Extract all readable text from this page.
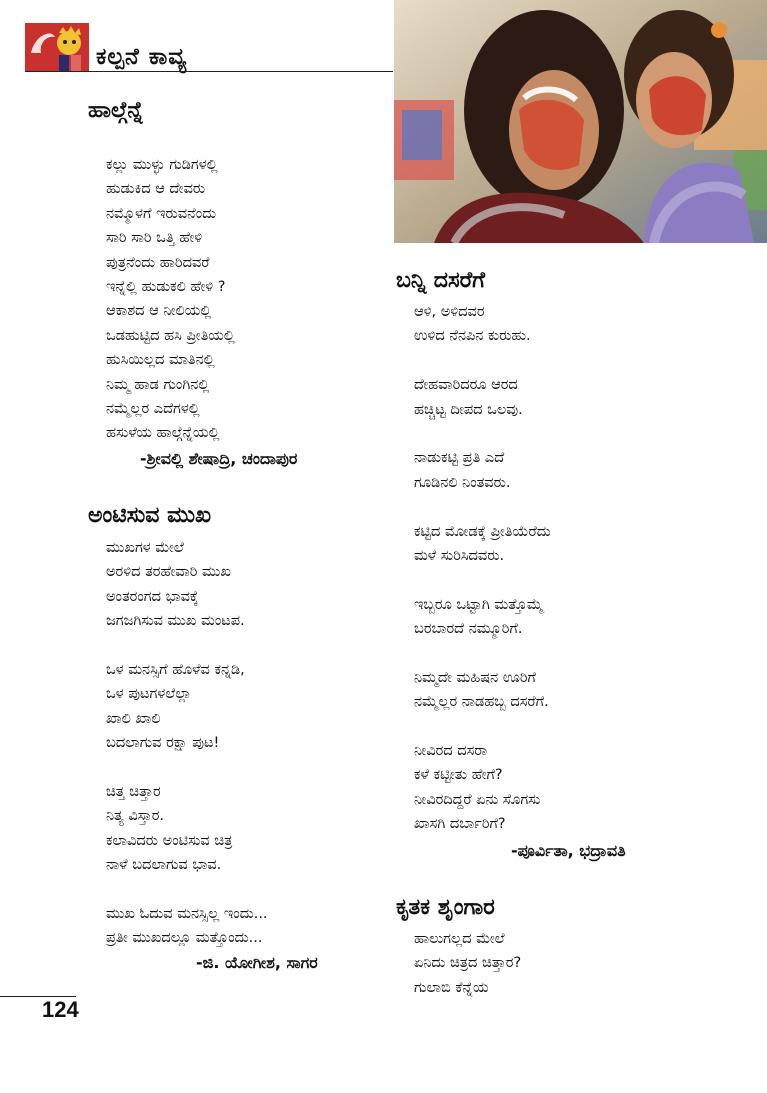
ಕಲ್ಪನೆ ಕಾವ್ಯ
ಹಾಲ್ಗೆನ್ನೆ
ಕಲ್ಲು ಮುಳ್ಳು ಗುಡಿಗಳಲ್ಲಿ
ಹುಡುಕಿದ ಆ ದೇವರು
ನಮ್ಮೊಳಗೆ ಇರುವನೆಂದು
ಸಾರಿ ಸಾರಿ ಒತ್ತಿ ಹೇಳಿ
ಪುತ್ರನೆಂದು ಹಾರಿದವರೆ
ಇನ್ನೆಲ್ಲಿ ಹುಡುಕಲಿ ಹೇಳಿ ?
ಆಕಾಶದ ಆ ನೀಲಿಯಲ್ಲಿ
ಒಡಹುಟ್ಟಿದ ಹಸಿ ಪ್ರೀತಿಯಲ್ಲಿ
ಹುಸಿಯಿಲ್ಲದ ಮಾತಿನಲ್ಲಿ
ನಿಮ್ಮ ಹಾಡ ಗುಂಗಿನಲ್ಲಿ
ನಮ್ಮೆಲ್ಲರ ಎದೆಗಳಲ್ಲಿ
ಹಸುಳೆಯ ಹಾಲ್ಗೆನ್ನೆಯಲ್ಲಿ
-ಶ್ರೀವಲ್ಲಿ ಶೇಷಾದ್ರಿ, ಚಂದಾಪುರ
ಅಂಟಿಸುವ ಮುಖ
ಮುಖಗಳ ಮೇಲೆ
ಅರಳಿದ ತರಹೇವಾರಿ ಮುಖ
ಅಂತರಂಗದ ಭಾವಕ್ಕೆ
ಜಗಜಗಿಸುವ ಮುಖ ಮಂಟಪ.
ಒಳ ಮನಸ್ಸಿಗೆ ಹೊಳೆವ ಕನ್ನಡಿ,
ಒಳ ಪುಟಗಳಲೆಲ್ಲಾ
ಖಾಲಿ ಖಾಲಿ
ಬದಲಾಗುವ ರಕ್ಷಾ ಪುಟ!
ಚಿತ್ತ ಚಿತ್ತಾರ
ನಿತ್ಯ ವಿಸ್ತಾರ.
ಕಲಾವಿದರು ಅಂಟಿಸುವ ಚಿತ್ರ
ನಾಳೆ ಬದಲಾಗುವ ಭಾವ.
ಮುಖ ಓದುವ ಮನಸ್ಸಿಲ್ಲ ಇಂದು...
ಪ್ರತೀ ಮುಖದಲ್ಲೂ ಮತ್ತೊಂದು...
-ಜಿ. ಯೋಗೀಶ, ಸಾಗರ
ಬನ್ನಿ ದಸರೆಗೆ
ಆಳಿ, ಅಳಿದವರ
ಉಳಿದ ನೆನಪಿನ ಕುರುಹು.
ದೇಹವಾರಿದರೂ ಆರದ
ಹಚ್ಚಿಟ್ಟ ದೀಪದ ಒಲವು.
ನಾಡುಕಟ್ಟಿ ಪ್ರತಿ ಎದೆ
ಗೂಡಿನಲಿ ನಿಂತವರು.
ಕಟ್ಟಿದ ಮೋಡಕ್ಕೆ ಪ್ರೀತಿಯೆರೆದು
ಮಳೆ ಸುರಿಸಿದವರು.
ಇಬ್ಬರೂ ಒಟ್ಟಾಗಿ ಮತ್ತೊಮ್ಮೆ
ಬರಬಾರದೆ ನಮ್ಮೂರಿಗೆ.
ನಿಮ್ಮದೇ ಮಹಿಷನ ಊರಿಗೆ
ನಮ್ಮೆಲ್ಲರ ನಾಡಹಬ್ಬ ದಸರೆಗೆ.
ನೀವಿರದ ದಸರಾ
ಕಳೆ ಕಟ್ಟೀತು ಹೇಗೆ?
ನೀವಿರದಿದ್ದರೆ ಏನು ಸೊಗಸು
ಖಾಸಗಿ ದರ್ಬಾರಿಗೆ?
-ಪೂರ್ವಿತಾ, ಭದ್ರಾವತಿ
ಕೃತಕ ಶೃಂಗಾರ
ಹಾಲುಗಲ್ಲದ ಮೇಲೆ
ಏನಿದು ಚಿತ್ರದ ಚಿತ್ತಾರ?
ಗುಲಾಬಿ ಕೆನ್ನೆಯ
124
